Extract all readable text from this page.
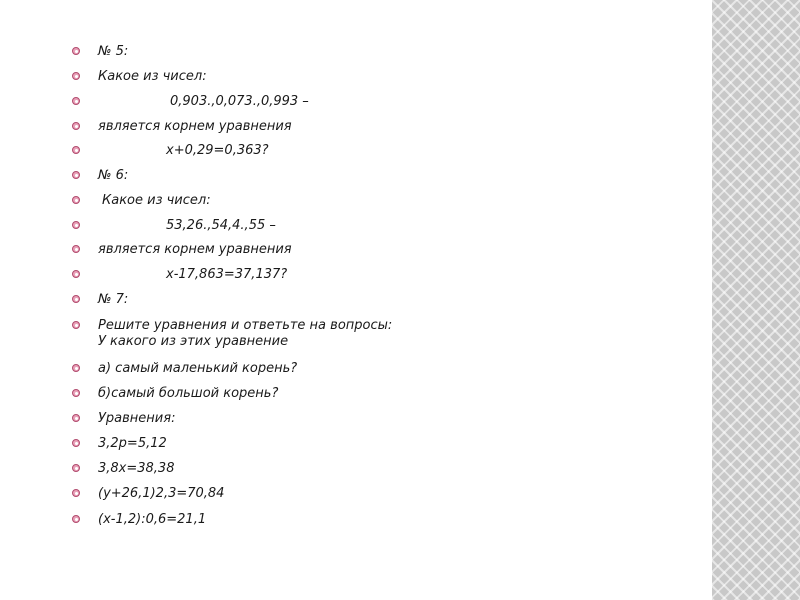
№ 5:
Какое из чисел:
0,903.,0,073.,0,993 –
является корнем уравнения
x+0,29=0,363?
№ 6:
Какое из чисел:
53,26.,54,4.,55 –
является корнем уравнения
x-17,863=37,137?
№ 7:
Решите уравнения и ответьте на вопросы:
У какого из этих уравнение
а) самый маленький корень?
б)самый большой корень?
Уравнения:
3,2р=5,12
3,8x=38,38
(у+26,1)2,3=70,84
(x-1,2):0,6=21,1
